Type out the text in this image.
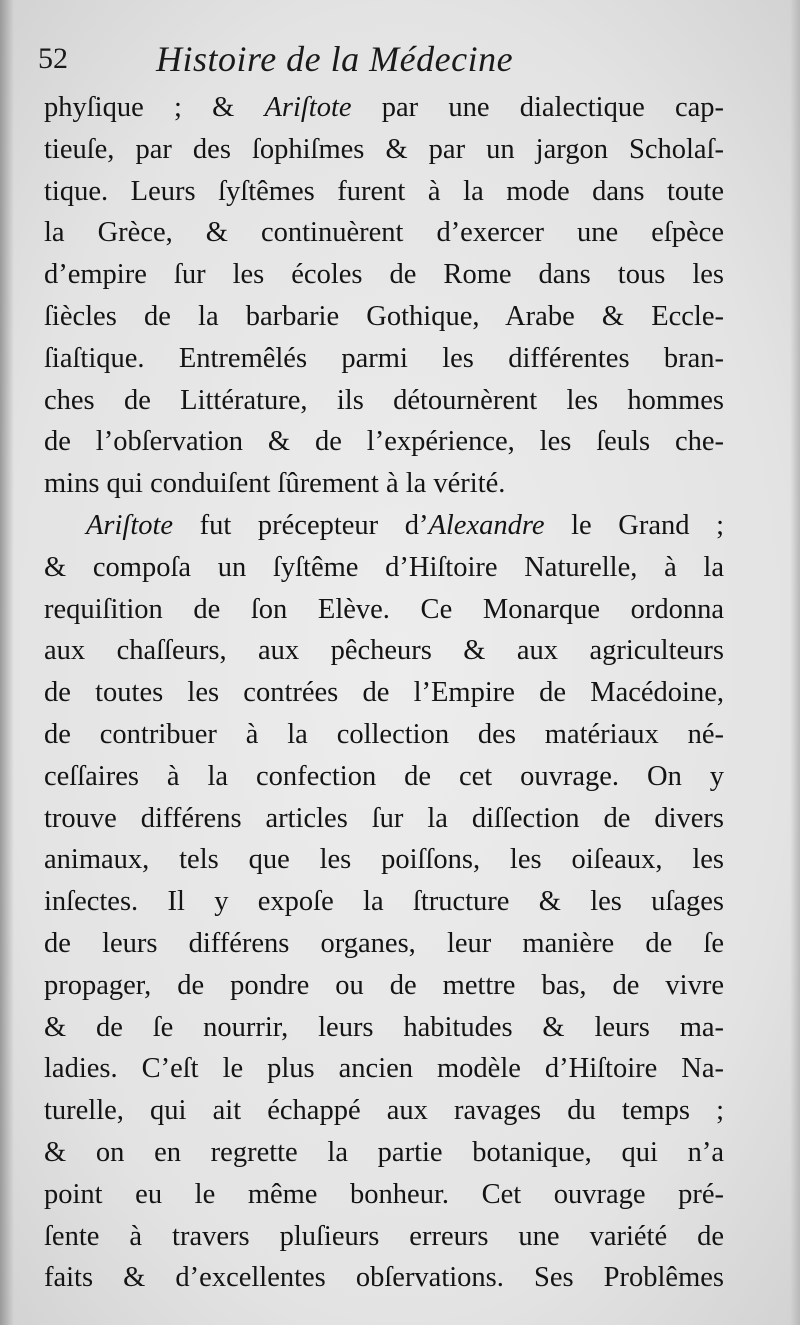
52 Histoire de la Médecine
phyſique ; & Ariſtote par une dialectique cap-
tieuſe, par des ſophiſmes & par un jargon Scholaſ-
tique. Leurs ſyſtêmes furent à la mode dans toute
la Grèce, & continuèrent d’exercer une eſpèce
d’empire ſur les écoles de Rome dans tous les
ſiècles de la barbarie Gothique, Arabe & Eccle-
ſiaſtique. Entremêlés parmi les différentes bran-
ches de Littérature, ils détournèrent les hommes
de l’obſervation & de l’expérience, les ſeuls che-
mins qui conduiſent ſûrement à la vérité.
Ariſtote fut précepteur d’Alexandre le Grand ;
& compoſa un ſyſtême d’Hiſtoire Naturelle, à la
requiſition de ſon Elève. Ce Monarque ordonna
aux chaſſeurs, aux pêcheurs & aux agriculteurs
de toutes les contrées de l’Empire de Macédoine,
de contribuer à la collection des matériaux né-
ceſſaires à la confection de cet ouvrage. On y
trouve différens articles ſur la diſſection de divers
animaux, tels que les poiſſons, les oiſeaux, les
inſectes. Il y expoſe la ſtructure & les uſages
de leurs différens organes, leur manière de ſe
propager, de pondre ou de mettre bas, de vivre
& de ſe nourrir, leurs habitudes & leurs ma-
ladies. C’eſt le plus ancien modèle d’Hiſtoire Na-
turelle, qui ait échappé aux ravages du temps ;
& on en regrette la partie botanique, qui n’a
point eu le même bonheur. Cet ouvrage pré-
ſente à travers pluſieurs erreurs une variété de
faits & d’excellentes obſervations. Ses Problêmes
